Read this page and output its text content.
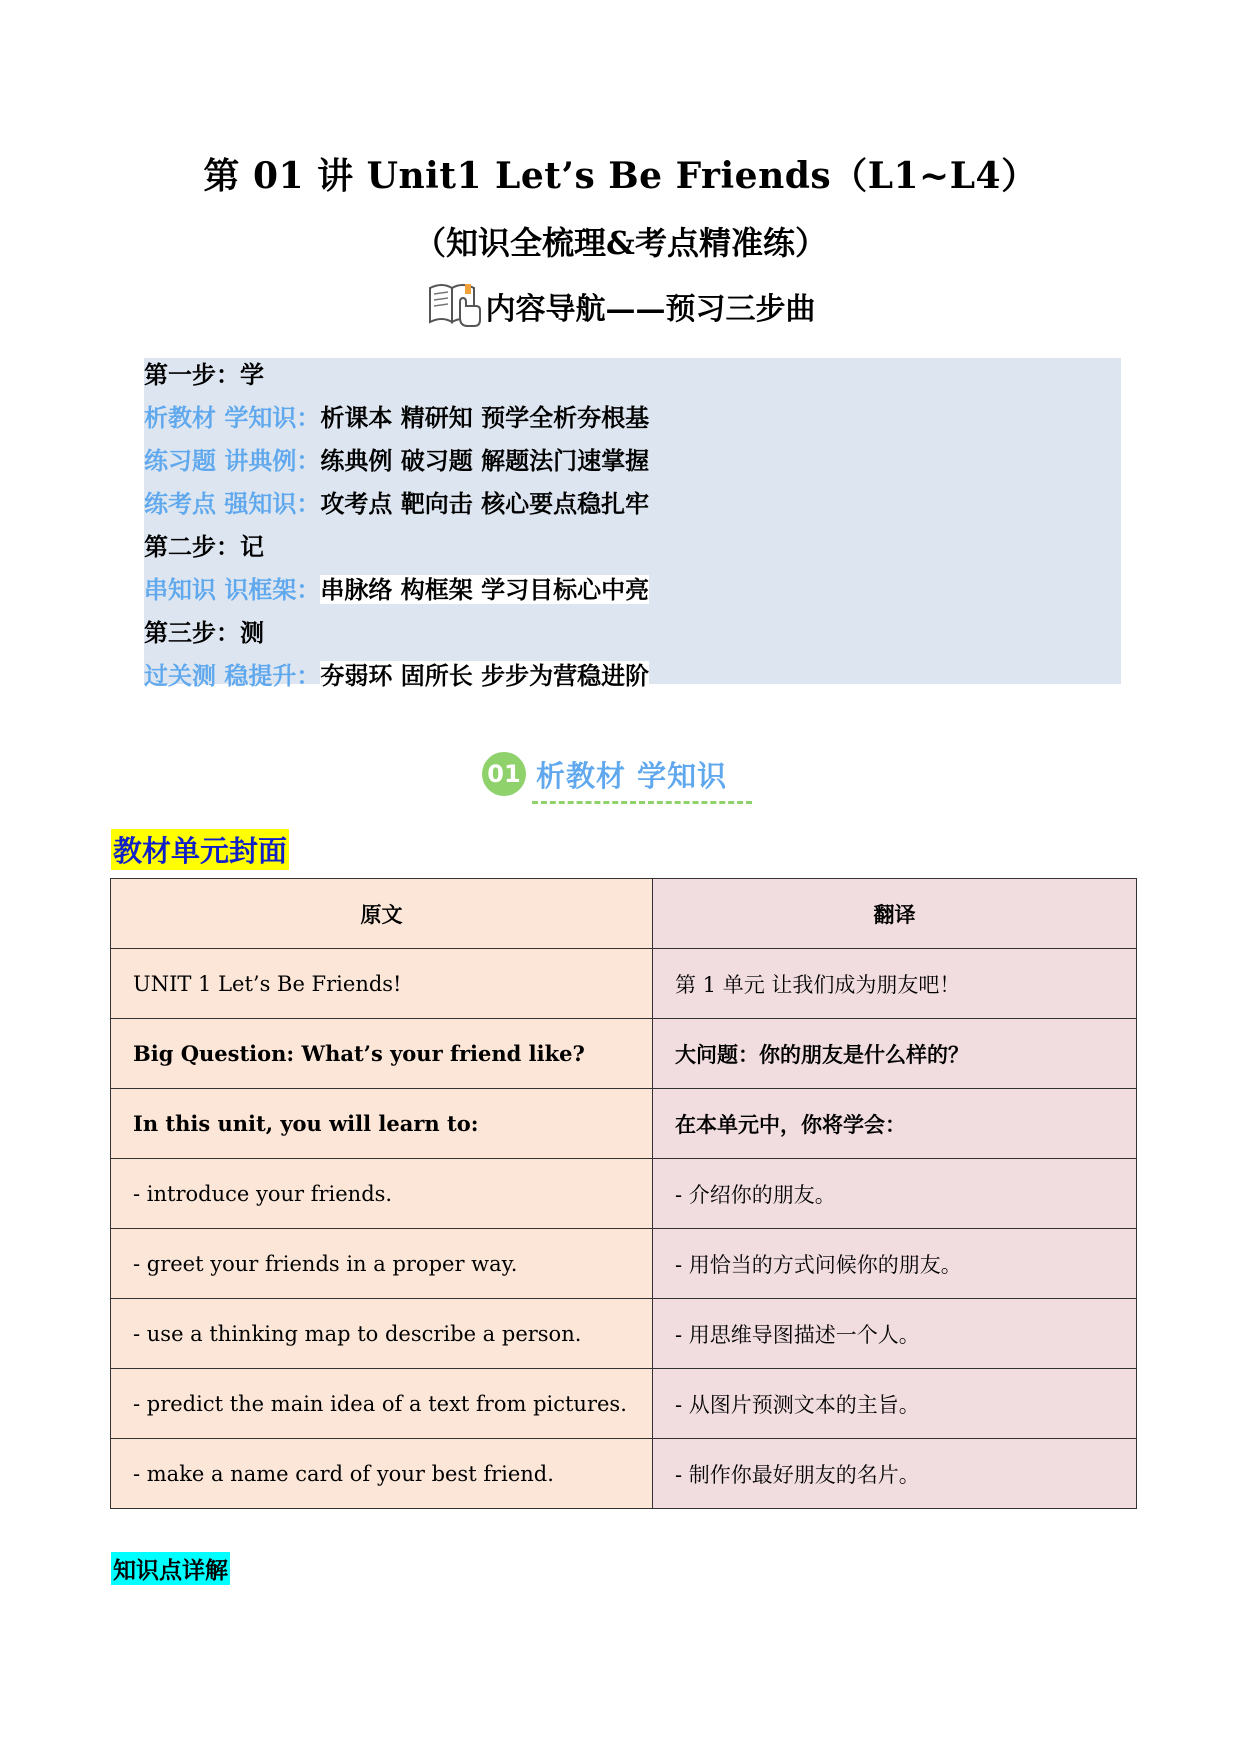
第 01 讲 Unit1 Let’s Be Friends（L1~L4）
（知识全梳理&考点精准练）
内容导航——预习三步曲
第一步：学
析教材 学知识：析课本 精研知 预学全析夯根基
练习题 讲典例：练典例 破习题 解题法门速掌握
练考点 强知识：攻考点 靶向击 核心要点稳扎牢
第二步：记
串知识 识框架：串脉络 构框架 学习目标心中亮
第三步：测
过关测 稳提升：夯弱环 固所长 步步为营稳进阶
01 析教材 学知识
教材单元封面
原文	翻译
UNIT 1 Let’s Be Friends!	第 1 单元 让我们成为朋友吧！
Big Question: What’s your friend like?	大问题：你的朋友是什么样的？
In this unit, you will learn to:	在本单元中，你将学会：
- introduce your friends.	- 介绍你的朋友。
- greet your friends in a proper way.	- 用恰当的方式问候你的朋友。
- use a thinking map to describe a person.	- 用思维导图描述一个人。
- predict the main idea of a text from pictures.	- 从图片预测文本的主旨。
- make a name card of your best friend.	- 制作你最好朋友的名片。
知识点详解
